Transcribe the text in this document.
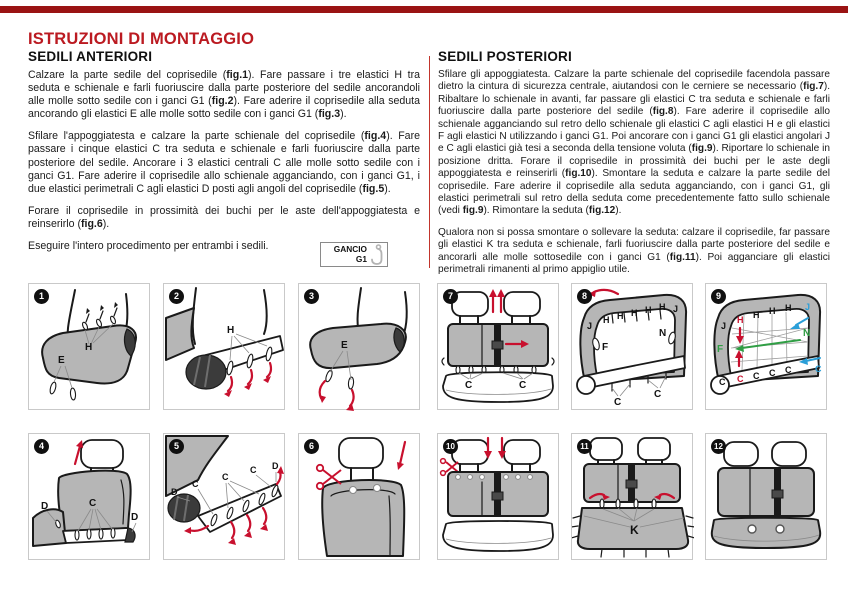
ISTRUZIONI DI MONTAGGIO
SEDILI ANTERIORI	SEDILI POSTERIORI

Calzare la parte sedile del coprisedile (fig.1). Fare passare i tre elastici H tra seduta e schienale e farli fuoriuscire dalla parte posteriore del sedile ancorandoli alle molle sotto sedile con i ganci G1 (fig.2). Fare aderire il coprisedile alla seduta ancorando gli elastici E alle molle sotto sedile con i ganci G1 (fig.3).

Sfilare l'appoggiatesta e calzare la parte schienale del coprisedile (fig.4). Fare passare i cinque elastici C tra seduta e schienale e farli fuoriuscire dalla parte posteriore del sedile. Ancorare i 3 elastici centrali C alle molle sotto sedile con i ganci G1. Fare aderire il coprisedile allo schienale agganciando, con i ganci G1, i due elastici perimetrali C agli elastici D posti agli angoli del coprisedile (fig.5).

Forare il coprisedile in prossimità dei buchi per le aste dell'appoggiatesta e reinserirlo (fig.6).

Eseguire l'intero procedimento per entrambi i sedili.

Sfilare gli appoggiatesta. Calzare la parte schienale del coprisedile facendola passare dietro la cintura di sicurezza centrale, aiutandosi con le cerniere se necessario (fig.7). Ribaltare lo schienale in avanti, far passare gli elastici C tra seduta e schienale e farli fuoriuscire dalla parte posteriore del sedile (fig.8). Fare aderire il coprisedile allo schienale agganciando sul retro dello schienale gli elastici C agli elastici H e gli elastici F agli elastici N utilizzando i ganci G1. Poi ancorare con i ganci G1 gli elastici angolari J e C agli elastici già tesi a seconda della tensione voluta (fig.9). Riportare lo schienale in posizione dritta. Forare il coprisedile in prossimità dei buchi per le aste degli appoggiatesta e reinserirli (fig.10). Smontare la seduta e calzare la parte sedile del coprisedile. Fare aderire il coprisedile alla seduta agganciando, con i ganci G1, gli elastici perimetrali sul retro della seduta come precedentemente fatto sullo schienale (vedi fig.9). Rimontare la seduta (fig.12).

Qualora non si possa smontare o sollevare la seduta: calzare il coprisedile, far passare gli elastici K tra seduta e schienale, farli fuoriuscire dalla parte posteriore del sedile e ancorarli alle molle sottosedile con i ganci G1 (fig.11). Poi agganciare gli elastici perimetrali rimanenti al primo appiglio utile.

GANCIO
G1
1
H
E
2
H
3
E
4
D	C
D
5
D
C
C
C D
6
7
C	C
8
J
H H H H H J
F
N
C
C
9
J
H H H H J
F
N
C C C C C	C
10	11
K
12
